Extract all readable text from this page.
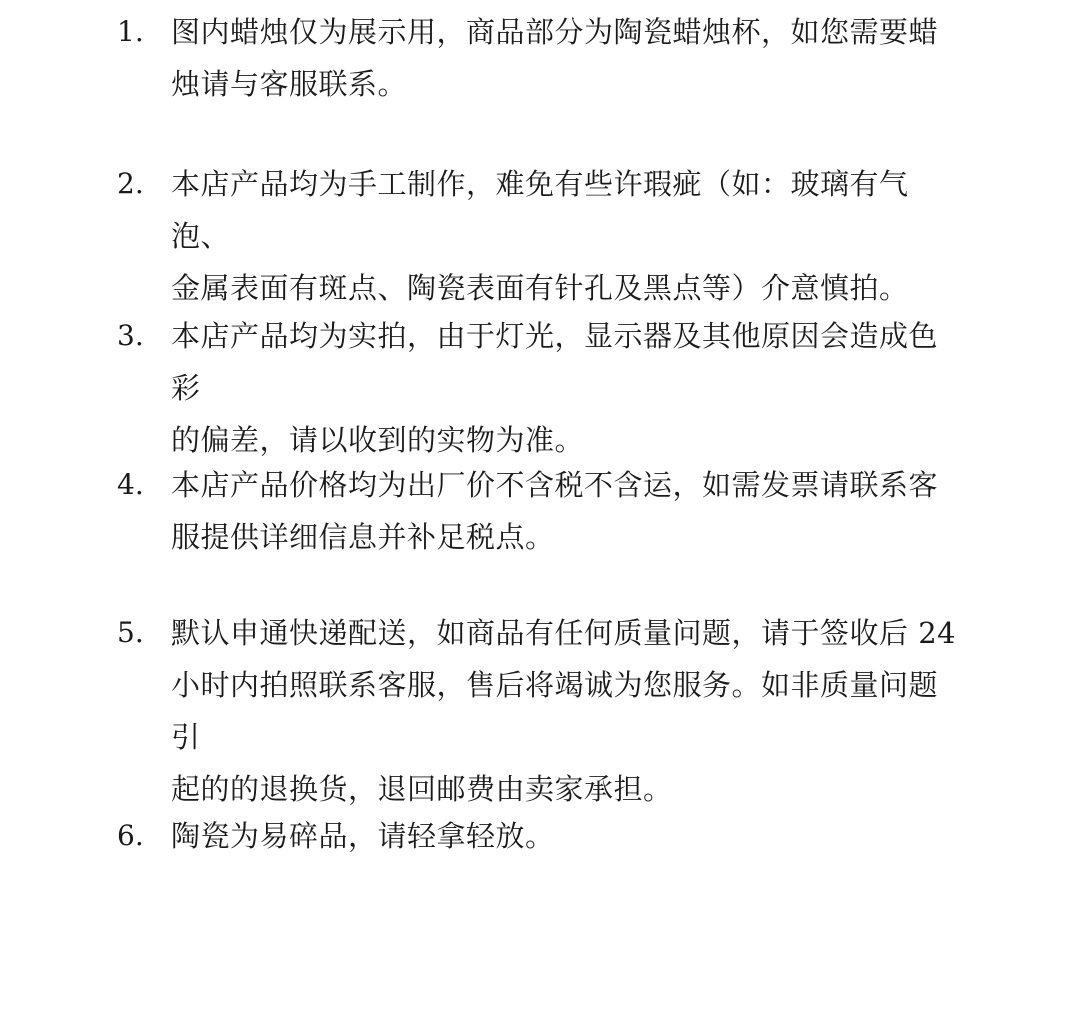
1. 图内蜡烛仅为展示用，商品部分为陶瓷蜡烛杯，如您需要蜡
烛请与客服联系。
2. 本店产品均为手工制作，难免有些许瑕疵（如：玻璃有气泡、
金属表面有斑点、陶瓷表面有针孔及黑点等）介意慎拍。
3. 本店产品均为实拍，由于灯光，显示器及其他原因会造成色彩
的偏差，请以收到的实物为准。
4. 本店产品价格均为出厂价不含税不含运，如需发票请联系客
服提供详细信息并补足税点。
5. 默认申通快递配送，如商品有任何质量问题，请于签收后 24
小时内拍照联系客服，售后将竭诚为您服务。如非质量问题引
起的的退换货，退回邮费由卖家承担。
6. 陶瓷为易碎品，请轻拿轻放。
